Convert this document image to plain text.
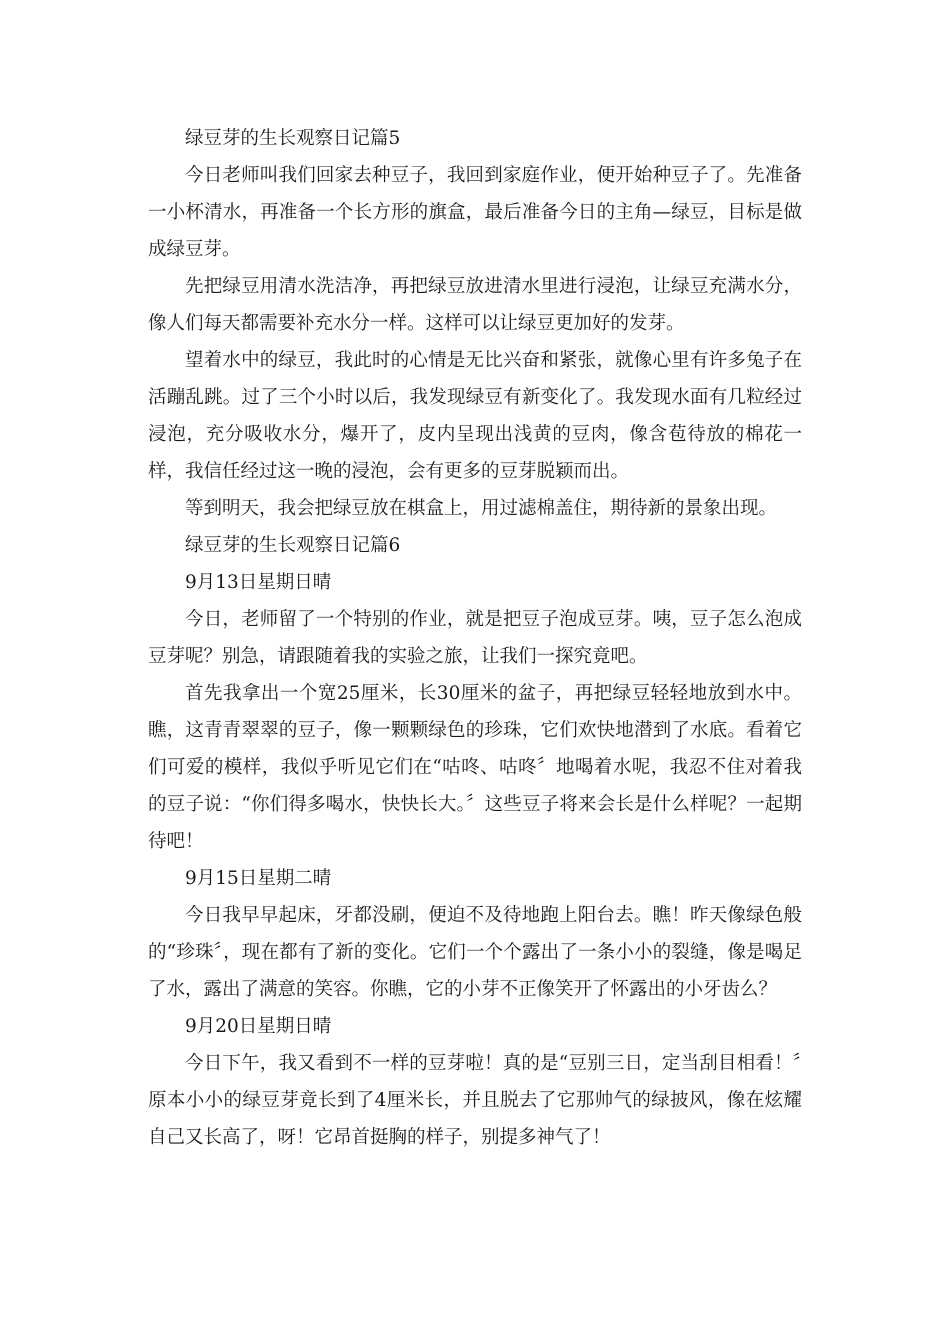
绿豆芽的生长观察日记篇5

今日老师叫我们回家去种豆子，我回到家庭作业，便开始种豆子了。先准备一小杯清水，再准备一个长方形的旗盒，最后准备今日的主角—绿豆，目标是做成绿豆芽。

先把绿豆用清水洗洁净，再把绿豆放进清水里进行浸泡，让绿豆充满水分，像人们每天都需要补充水分一样。这样可以让绿豆更加好的发芽。

望着水中的绿豆，我此时的心情是无比兴奋和紧张，就像心里有许多兔子在活蹦乱跳。过了三个小时以后，我发现绿豆有新变化了。我发现水面有几粒经过浸泡，充分吸收水分，爆开了，皮内呈现出浅黄的豆肉，像含苞待放的棉花一样，我信任经过这一晚的浸泡，会有更多的豆芽脱颖而出。

等到明天，我会把绿豆放在棋盒上，用过滤棉盖住，期待新的景象出现。

绿豆芽的生长观察日记篇6

9月13日星期日晴

今日，老师留了一个特别的作业，就是把豆子泡成豆芽。咦，豆子怎么泡成豆芽呢？别急，请跟随着我的实验之旅，让我们一探究竟吧。

首先我拿出一个宽25厘米，长30厘米的盆子，再把绿豆轻轻地放到水中。瞧，这青青翠翠的豆子，像一颗颗绿色的珍珠，它们欢快地潜到了水底。看着它们可爱的模样，我似乎听见它们在“咕咚、咕咚〞地喝着水呢，我忍不住对着我的豆子说：“你们得多喝水，快快长大。〞这些豆子将来会长是什么样呢？一起期待吧！

9月15日星期二晴

今日我早早起床，牙都没刷，便迫不及待地跑上阳台去。瞧！昨天像绿色般的“珍珠〞，现在都有了新的变化。它们一个个露出了一条小小的裂缝，像是喝足了水，露出了满意的笑容。你瞧，它的小芽不正像笑开了怀露出的小牙齿么？

9月20日星期日晴

今日下午，我又看到不一样的豆芽啦！真的是“豆别三日，定当刮目相看！〞原本小小的绿豆芽竟长到了4厘米长，并且脱去了它那帅气的绿披风，像在炫耀自己又长高了，呀！它昂首挺胸的样子，别提多神气了！
